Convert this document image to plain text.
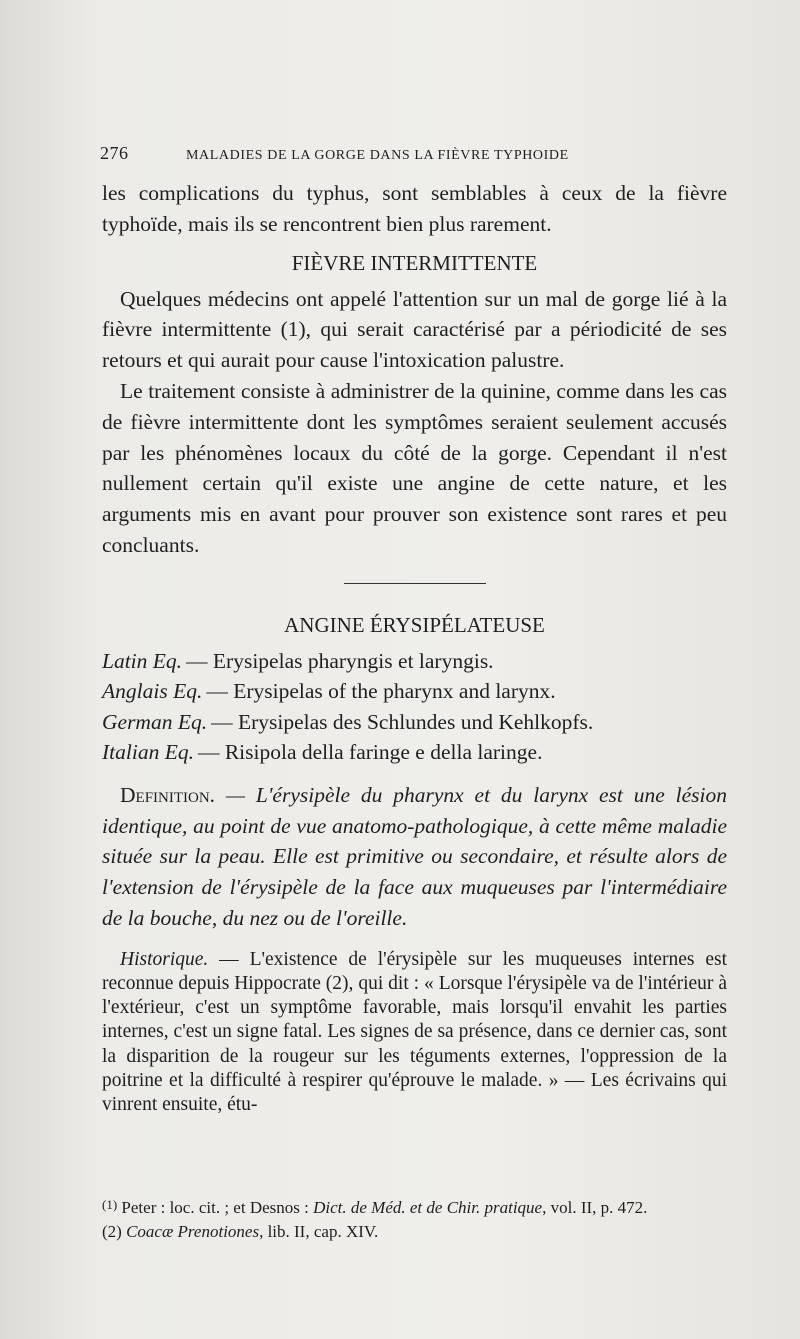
276	MALADIES DE LA GORGE DANS LA FIÈVRE TYPHOIDE

les complications du typhus, sont semblables à ceux de la fièvre typhoïde, mais ils se rencontrent bien plus rarement.

FIÈVRE INTERMITTENTE

Quelques médecins ont appelé l'attention sur un mal de gorge lié à la fièvre intermittente (1), qui serait caractérisé par a périodicité de ses retours et qui aurait pour cause l'intoxication palustre.

Le traitement consiste à administrer de la quinine, comme dans les cas de fièvre intermittente dont les symptômes seraient seulement accusés par les phénomènes locaux du côté de la gorge. Cependant il n'est nullement certain qu'il existe une angine de cette nature, et les arguments mis en avant pour prouver son existence sont rares et peu concluants.

ANGINE ÉRYSIPÉLATEUSE

Latin Eq. — Erysipelas pharyngis et laryngis.

Anglais Eq. — Erysipelas of the pharynx and larynx.

German Eq. — Erysipelas des Schlundes und Kehlkopfs.

Italian Eq. — Risipola della faringe e della laringe.

Definition. — L'érysipèle du pharynx et du larynx est une lésion identique, au point de vue anatomo-pathologique, à cette même maladie située sur la peau. Elle est primitive ou secondaire, et résulte alors de l'extension de l'érysipèle de la face aux muqueuses par l'intermédiaire de la bouche, du nez ou de l'oreille.

Historique. — L'existence de l'érysipèle sur les muqueuses internes est reconnue depuis Hippocrate (2), qui dit : « Lorsque l'érysipèle va de l'intérieur à l'extérieur, c'est un symptôme favorable, mais lorsqu'il envahit les parties internes, c'est un signe fatal. Les signes de sa présence, dans ce dernier cas, sont la disparition de la rougeur sur les téguments externes, l'oppression de la poitrine et la difficulté à respirer qu'éprouve le malade. » — Les écrivains qui vinrent ensuite, étu-

$^{(1)}$ Peter : loc. cit. ; et Desnos : Dict. de Méd. et de Chir. pratique, vol. II, p. 472.

(2) Coacæ Prenotiones, lib. II, cap. XIV.
